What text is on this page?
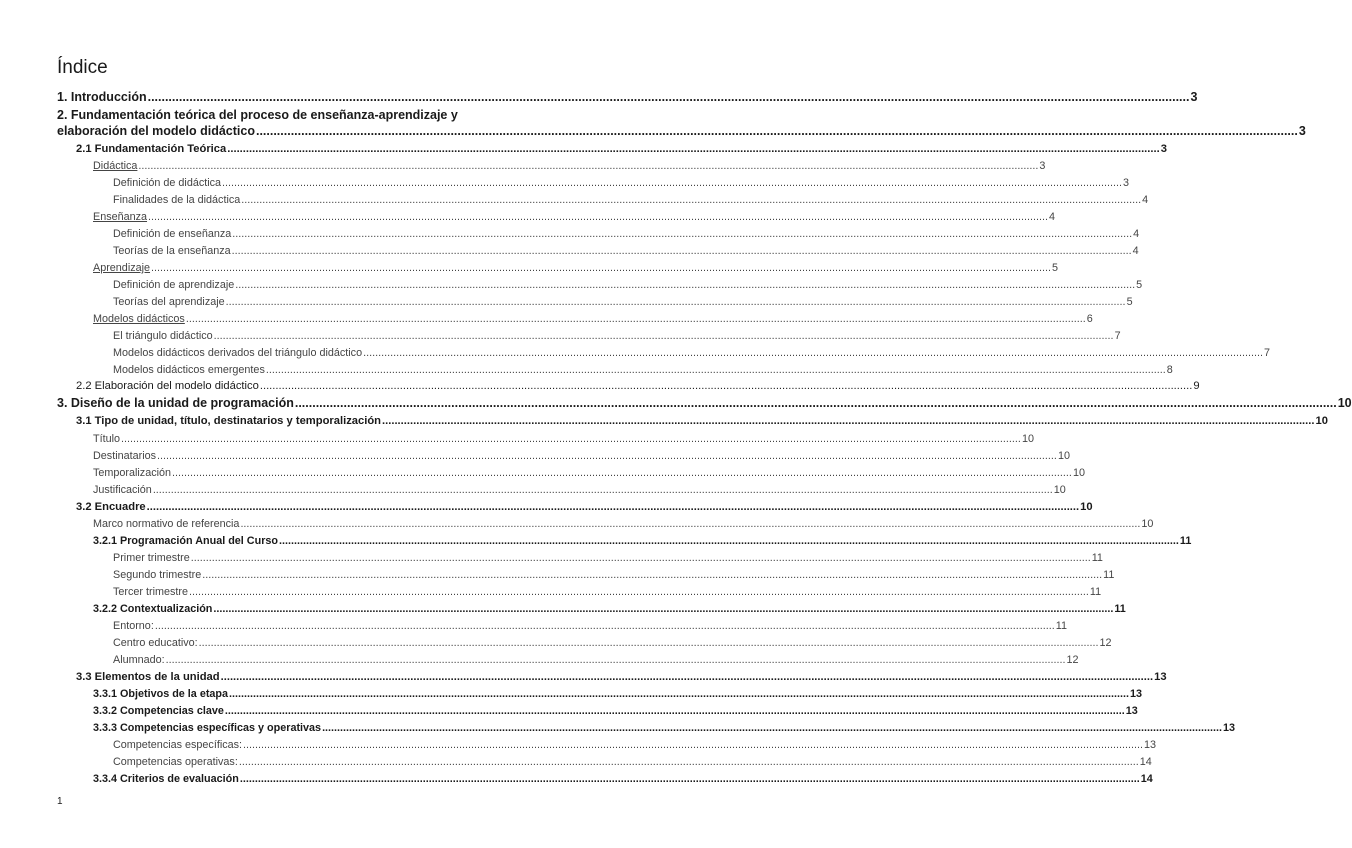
Índice
1. Introducción ............................................................................................................................................................................................................................................................................................................ 3
2. Fundamentación teórica del proceso de enseñanza-aprendizaje y
elaboración del modelo didáctico ............................................................................................................................................................................................................................................................................................................ 3
2.1 Fundamentación Teórica ............................................................................................................................................................................................................................................................................................................ 3
Didáctica ............................................................................................................................................................................................................................................................................................................ 3
Definición de didáctica ............................................................................................................................................................................................................................................................................................................ 3
Finalidades de la didáctica ............................................................................................................................................................................................................................................................................................................ 4
Enseñanza ............................................................................................................................................................................................................................................................................................................ 4
Definición de enseñanza ............................................................................................................................................................................................................................................................................................................ 4
Teorías de la enseñanza ............................................................................................................................................................................................................................................................................................................ 4
Aprendizaje ............................................................................................................................................................................................................................................................................................................ 5
Definición de aprendizaje ............................................................................................................................................................................................................................................................................................................ 5
Teorías del aprendizaje ............................................................................................................................................................................................................................................................................................................ 5
Modelos didácticos ............................................................................................................................................................................................................................................................................................................ 6
El triángulo didáctico ............................................................................................................................................................................................................................................................................................................ 7
Modelos didácticos derivados del triángulo didáctico ............................................................................................................................................................................................................................................................................................................ 7
Modelos didácticos emergentes ............................................................................................................................................................................................................................................................................................................ 8
2.2 Elaboración del modelo didáctico ............................................................................................................................................................................................................................................................................................................ 9
3. Diseño de la unidad de programación ............................................................................................................................................................................................................................................................................................................ 10
3.1 Tipo de unidad, título, destinatarios y temporalización ............................................................................................................................................................................................................................................................................................................ 10
Título ............................................................................................................................................................................................................................................................................................................ 10
Destinatarios ............................................................................................................................................................................................................................................................................................................ 10
Temporalización ............................................................................................................................................................................................................................................................................................................ 10
Justificación ............................................................................................................................................................................................................................................................................................................ 10
3.2 Encuadre ............................................................................................................................................................................................................................................................................................................ 10
Marco normativo de referencia ............................................................................................................................................................................................................................................................................................................ 10
3.2.1 Programación Anual del Curso ............................................................................................................................................................................................................................................................................................................ 11
Primer trimestre ............................................................................................................................................................................................................................................................................................................ 11
Segundo trimestre ............................................................................................................................................................................................................................................................................................................ 11
Tercer trimestre ............................................................................................................................................................................................................................................................................................................ 11
3.2.2 Contextualización ............................................................................................................................................................................................................................................................................................................ 11
Entorno: ............................................................................................................................................................................................................................................................................................................ 11
Centro educativo: ............................................................................................................................................................................................................................................................................................................ 12
Alumnado: ............................................................................................................................................................................................................................................................................................................ 12
3.3 Elementos de la unidad ............................................................................................................................................................................................................................................................................................................ 13
3.3.1 Objetivos de la etapa ............................................................................................................................................................................................................................................................................................................ 13
3.3.2 Competencias clave ............................................................................................................................................................................................................................................................................................................ 13
3.3.3 Competencias específicas y operativas ............................................................................................................................................................................................................................................................................................................ 13
Competencias específicas: ............................................................................................................................................................................................................................................................................................................ 13
Competencias operativas: ............................................................................................................................................................................................................................................................................................................ 14
3.3.4 Criterios de evaluación ............................................................................................................................................................................................................................................................................................................ 14
1
